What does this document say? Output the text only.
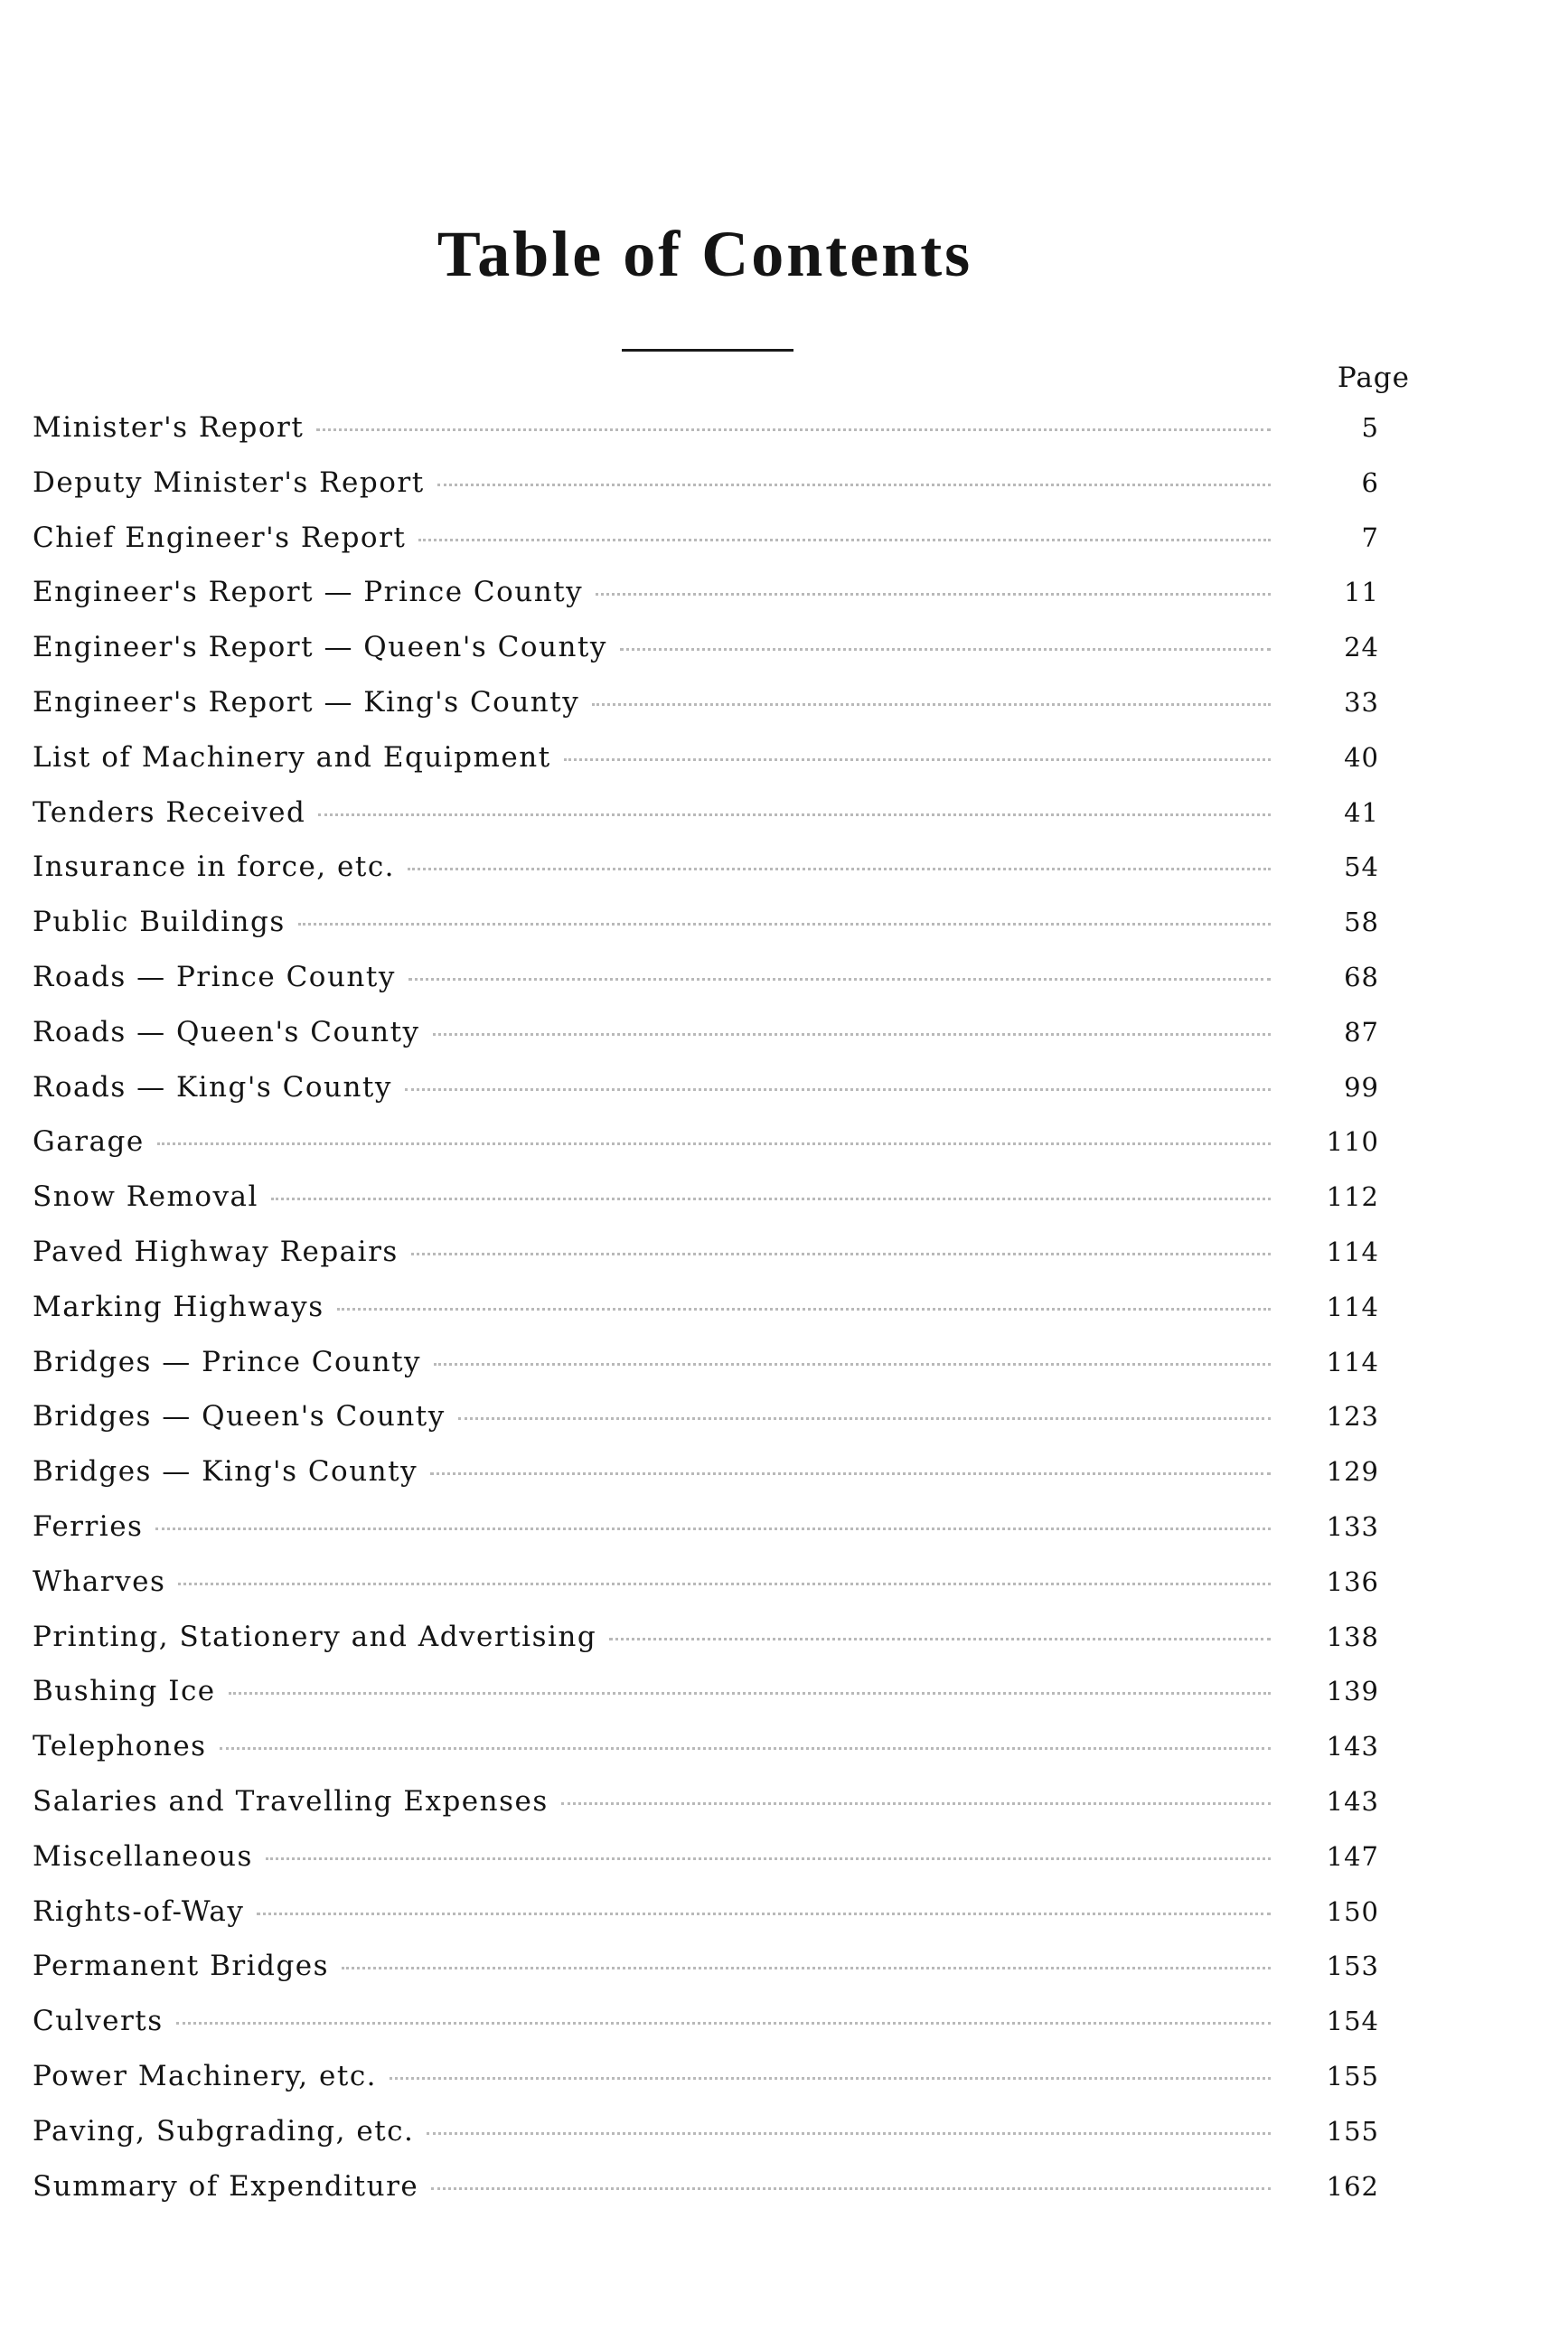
Table of Contents
Page
Minister's Report	5
Deputy Minister's Report	6
Chief Engineer's Report	7
Engineer's Report — Prince County	11
Engineer's Report — Queen's County	24
Engineer's Report — King's County	33
List of Machinery and Equipment	40
Tenders Received	41
Insurance in force, etc.	54
Public Buildings	58
Roads — Prince County	68
Roads — Queen's County	87
Roads — King's County	99
Garage	110
Snow Removal	112
Paved Highway Repairs	114
Marking Highways	114
Bridges — Prince County	114
Bridges — Queen's County	123
Bridges — King's County	129
Ferries	133
Wharves	136
Printing, Stationery and Advertising	138
Bushing Ice	139
Telephones	143
Salaries and Travelling Expenses	143
Miscellaneous	147
Rights-of-Way	150
Permanent Bridges	153
Culverts	154
Power Machinery, etc.	155
Paving, Subgrading, etc.	155
Summary of Expenditure	162
